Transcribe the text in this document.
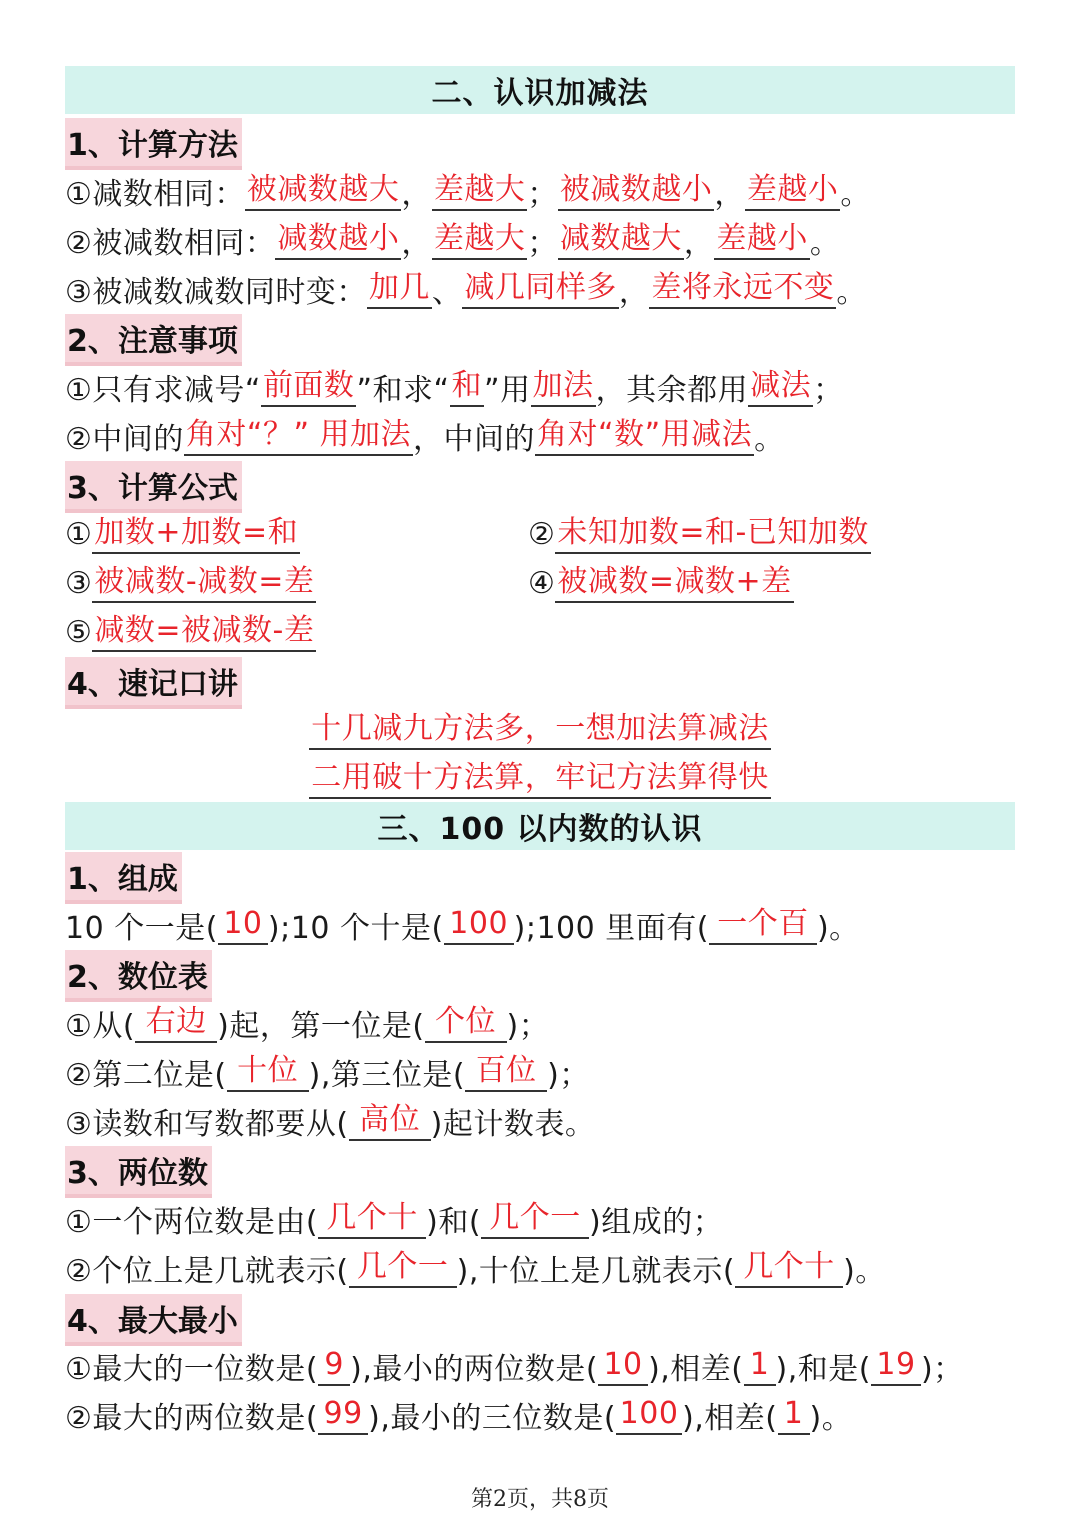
二、认识加减法
1、计算方法
①减数相同： 被减数越大 ， 差越大 ； 被减数越小 ， 差越小 。
②被减数相同： 减数越小 ， 差越大 ； 减数越大 ， 差越小 。
③被减数减数同时变： 加几 、 减几同样多 ， 差将永远不变 。
2、注意事项
①只有求减号“ 前面数 ”和求“ 和 ”用 加法 ，其余都用 减法 ；
②中间的 角对“？” 用加法 ，中间的 角对“数”用减法 。
3、计算公式
① 加数+加数=和	② 未知加数=和-已知加数
③ 被减数-减数=差	④ 被减数=减数+差
⑤ 减数=被减数-差
4、速记口讲
十几减九方法多，一想加法算减法
二用破十方法算，牢记方法算得快
三、100 以内数的认识
1、组成
10 个一是( 10 );10 个十是( 100 );100 里面有( 一个百 )。
2、数位表
①从( 右边 )起，第一位是( 个位 )；
②第二位是( 十位 ),第三位是( 百位 )；
③读数和写数都要从( 高位 )起计数表。
3、两位数
①一个两位数是由( 几个十 )和( 几个一 )组成的；
②个位上是几就表示( 几个一 ),十位上是几就表示( 几个十 )。
4、最大最小
①最大的一位数是( 9 ),最小的两位数是( 10 ),相差( 1 ),和是( 19 )；
②最大的两位数是( 99 ),最小的三位数是( 100 ),相差( 1 )。
第2页，共8页
